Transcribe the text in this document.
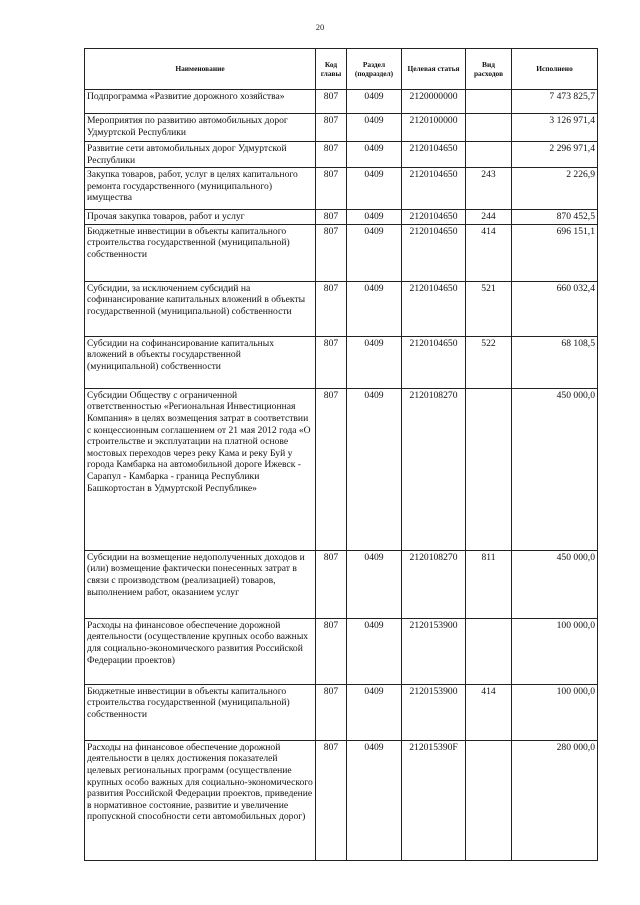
20
Наименование	Код главы	Раздел (подраздел)	Целевая статья	Вид расходов	Исполнено
Подпрограмма «Развитие дорожного хозяйства»	807	0409	2120000000		7 473 825,7
Мероприятия по развитию автомобильных дорог Удмуртской Республики	807	0409	2120100000		3 126 971,4
Развитие сети автомобильных дорог Удмуртской Республики	807	0409	2120104650		2 296 971,4
Закупка товаров, работ, услуг в целях капитального ремонта государственного (муниципального) имущества	807	0409	2120104650	243	2 226,9
Прочая закупка товаров, работ и услуг	807	0409	2120104650	244	870 452,5
Бюджетные инвестиции в объекты капитального строительства государственной (муниципальной) собственности	807	0409	2120104650	414	696 151,1
Субсидии, за исключением субсидий на софинансирование капитальных вложений в объекты государственной (муниципальной) собственности	807	0409	2120104650	521	660 032,4
Субсидии на софинансирование капитальных вложений в объекты государственной (муниципальной) собственности	807	0409	2120104650	522	68 108,5
Субсидии Обществу с ограниченной ответственностью «Региональная Инвестиционная Компания» в целях возмещения затрат в соответствии с концессионным соглашением от 21 мая 2012 года «О строительстве и эксплуатации на платной основе мостовых переходов через реку Кама и реку Буй у города Камбарка на автомобильной дороге Ижевск - Сарапул - Камбарка - граница Республики Башкортостан в Удмуртской Республике»	807	0409	2120108270		450 000,0
Субсидии на возмещение недополученных доходов и (или) возмещение фактически понесенных затрат в связи с производством (реализацией) товаров, выполнением работ, оказанием услуг	807	0409	2120108270	811	450 000,0
Расходы на финансовое обеспечение дорожной деятельности (осуществление крупных особо важных для социально-экономического развития Российской Федерации проектов)	807	0409	2120153900		100 000,0
Бюджетные инвестиции в объекты капитального строительства государственной (муниципальной) собственности	807	0409	2120153900	414	100 000,0
Расходы на финансовое обеспечение дорожной деятельности в целях достижения показателей целевых региональных программ (осуществление крупных особо важных для социально-экономического развития Российской Федерации проектов, приведение в нормативное состояние, развитие и увеличение пропускной способности сети автомобильных дорог)	807	0409	212015390F		280 000,0
